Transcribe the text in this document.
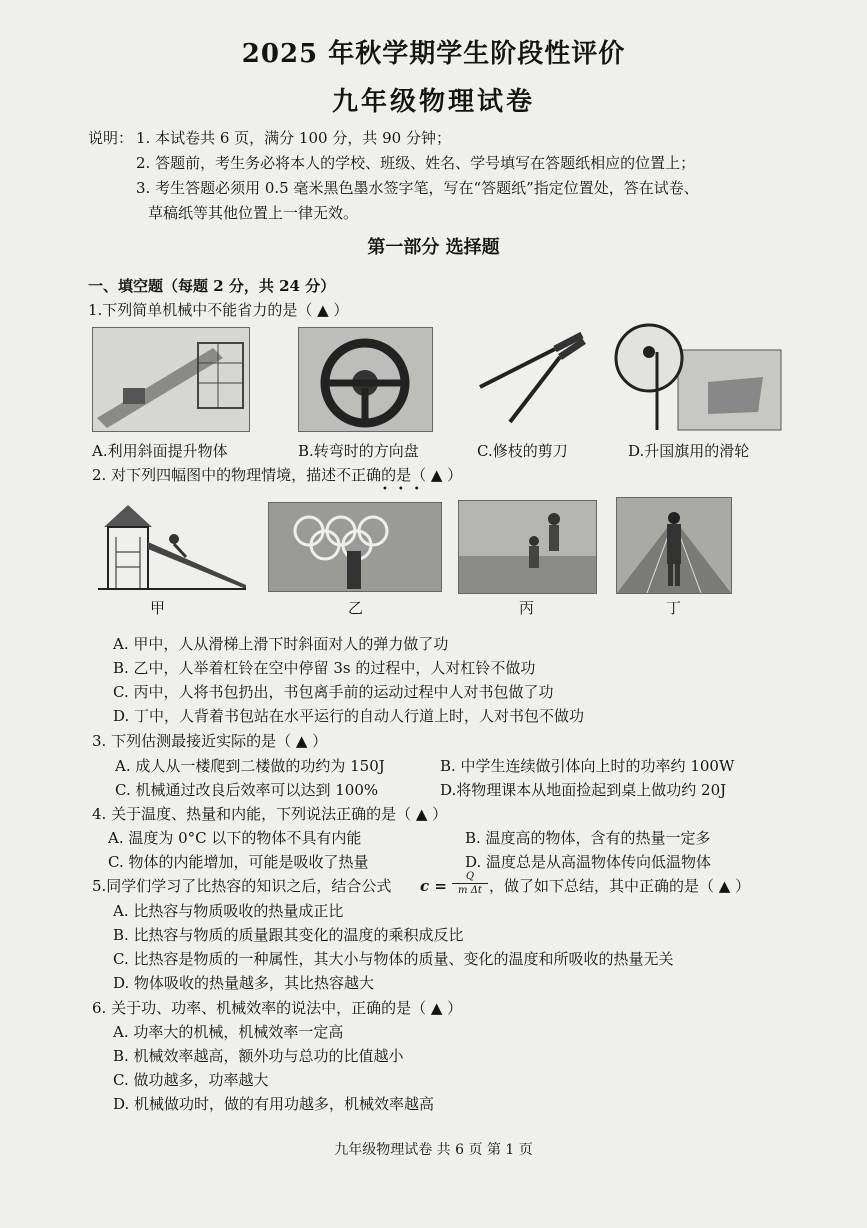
2025 年秋学期学生阶段性评价
九年级物理试卷
说明： 1. 本试卷共 6 页，满分 100 分，共 90 分钟；
2. 答题前，考生务必将本人的学校、班级、姓名、学号填写在答题纸相应的位置上；
3. 考生答题必须用 0.5 毫米黑色墨水签字笔，写在“答题纸”指定位置处，答在试卷、
草稿纸等其他位置上一律无效。
第一部分 选择题
一、填空题（每题 2 分，共 24 分）
1.下列简单机械中不能省力的是（ ▲ ）
A.利用斜面提升物体	B.转弯时的方向盘	C.修枝的剪刀	D.升国旗用的滑轮
2. 对下列四幅图中的物理情境，描述不正确的是（ ▲ ）
•••
甲	乙	丙	丁
A. 甲中，人从滑梯上滑下时斜面对人的弹力做了功
B. 乙中，人举着杠铃在空中停留 3s 的过程中，人对杠铃不做功
C. 丙中，人将书包扔出，书包离手前的运动过程中人对书包做了功
D. 丁中，人背着书包站在水平运行的自动人行道上时，人对书包不做功
3. 下列估测最接近实际的是（ ▲ ）
A. 成人从一楼爬到二楼做的功约为 150J	B. 中学生连续做引体向上时的功率约 100W
C. 机械通过改良后效率可以达到 100%	D.将物理课本从地面捡起到桌上做功约 20J
4. 关于温度、热量和内能，下列说法正确的是（ ▲ ）
A. 温度为 0°C 以下的物体不具有内能	B. 温度高的物体，含有的热量一定多
C. 物体的内能增加，可能是吸收了热量	D. 温度总是从高温物体传向低温物体
5.同学们学习了比热容的知识之后，结合公式 c =
Q
m Δt ，做了如下总结，其中正确的是（ ▲ ）
A. 比热容与物质吸收的热量成正比
B. 比热容与物质的质量跟其变化的温度的乘积成反比
C. 比热容是物质的一种属性，其大小与物体的质量、变化的温度和所吸收的热量无关
D. 物体吸收的热量越多，其比热容越大
6. 关于功、功率、机械效率的说法中，正确的是（ ▲ ）
A. 功率大的机械，机械效率一定高
B. 机械效率越高，额外功与总功的比值越小
C. 做功越多，功率越大
D. 机械做功时，做的有用功越多，机械效率越高
九年级物理试卷 共 6 页 第 1 页
